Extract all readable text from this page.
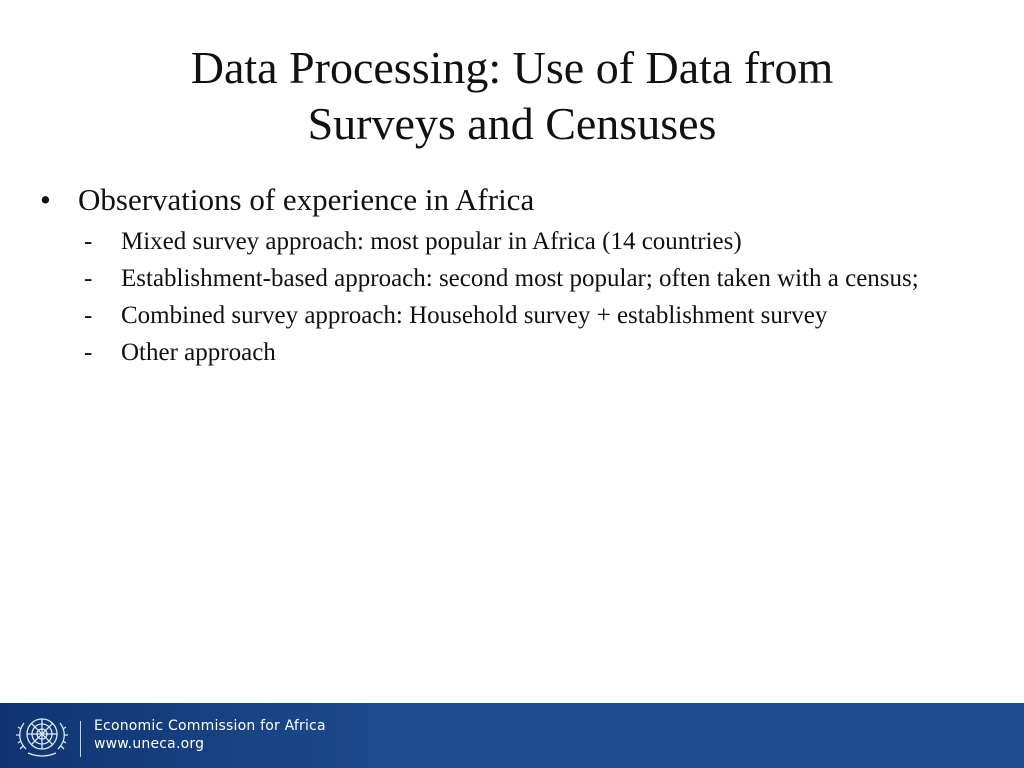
Data Processing: Use of Data from
Surveys and Censuses
• Observations of experience in Africa
-	Mixed survey approach: most popular in Africa (14 countries)
-	Establishment-based approach: second most popular; often taken with a census;
-	Combined survey approach: Household survey + establishment survey
-	Other approach
Economic Commission for Africa
www.uneca.org
